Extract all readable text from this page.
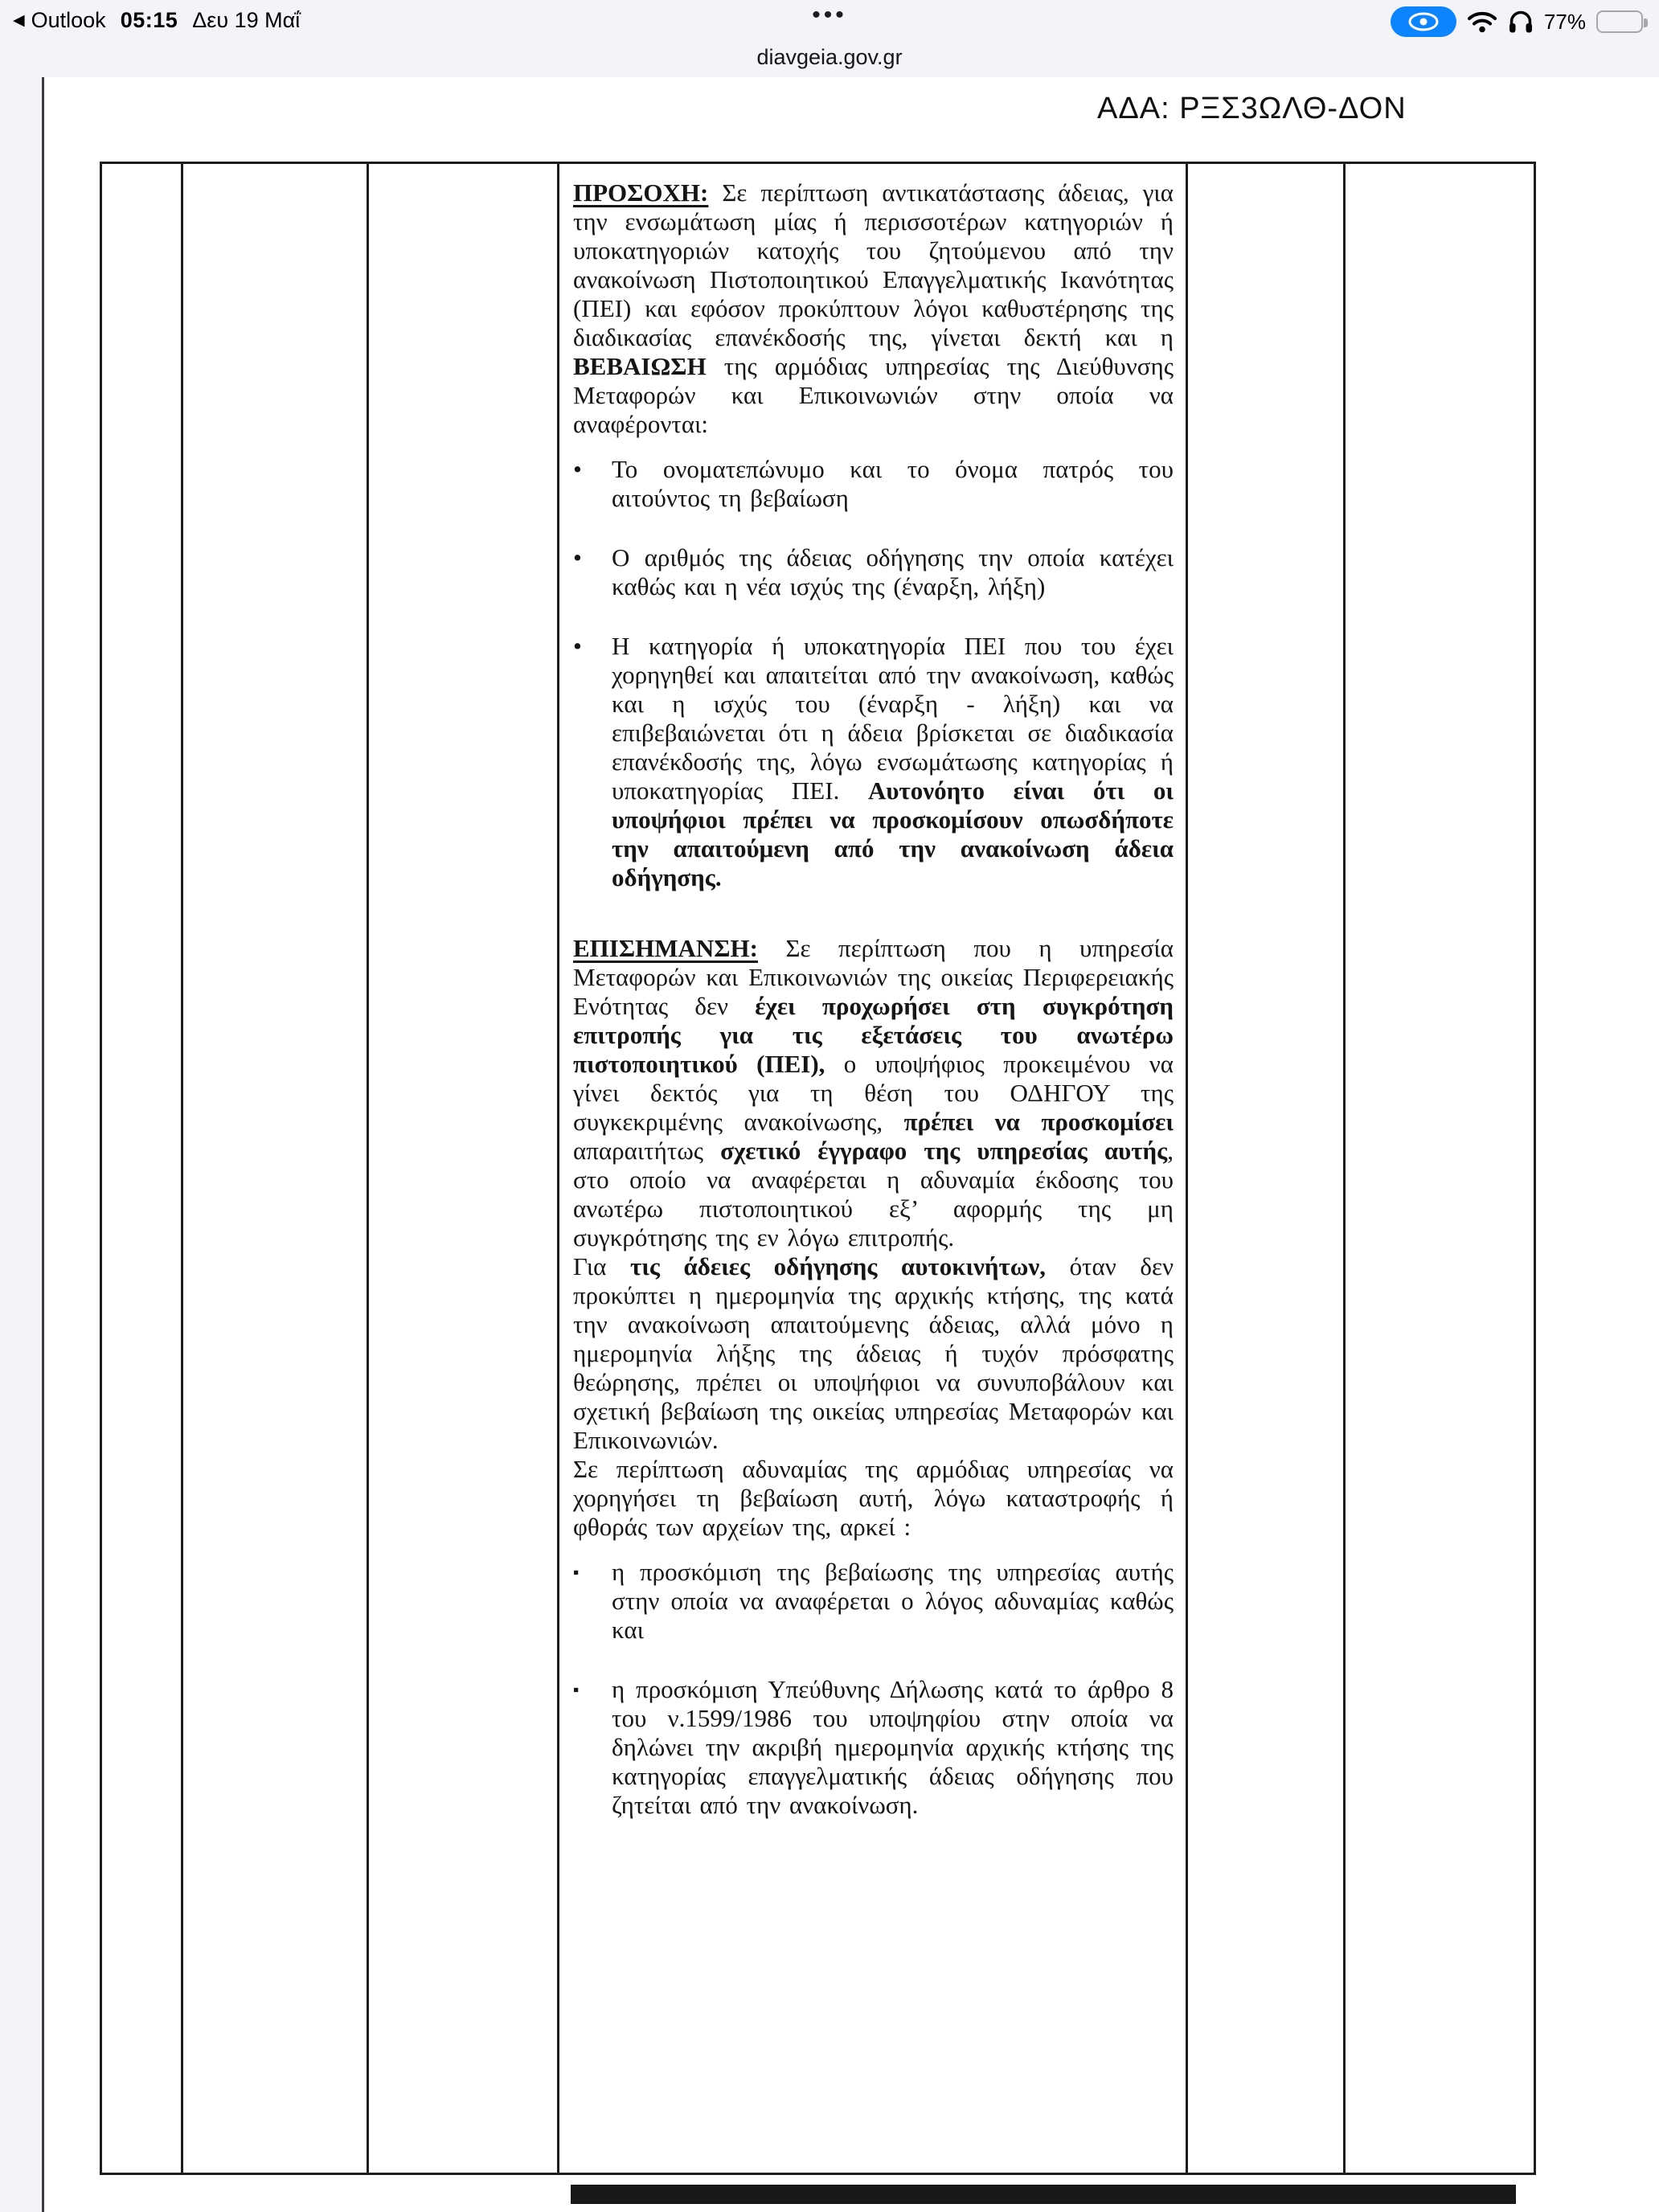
◀ Outlook 05:15 Δευ 19 Μαΐ	•••	77%
diavgeia.gov.gr
ΑΔΑ: ΡΞΣ3ΩΛΘ-ΔΟΝ
ΠΡΟΣΟΧΗ: Σε περίπτωση αντικατάστασης άδειας, για την ενσωμάτωση μίας ή περισσοτέρων κατηγοριών ή υποκατηγοριών κατοχής του ζητούμενου από την ανακοίνωση Πιστοποιητικού Επαγγελματικής Ικανότητας (ΠΕΙ) και εφόσον προκύπτουν λόγοι καθυστέρησης της διαδικασίας επανέκδοσής της, γίνεται δεκτή και η ΒΕΒΑΙΩΣΗ της αρμόδιας υπηρεσίας της Διεύθυνσης Μεταφορών και Επικοινωνιών στην οποία να αναφέρονται:
•	Το ονοματεπώνυμο και το όνομα πατρός του αιτούντος τη βεβαίωση
•	Ο αριθμός της άδειας οδήγησης την οποία κατέχει καθώς και η νέα ισχύς της (έναρξη, λήξη)
•	Η κατηγορία ή υποκατηγορία ΠΕΙ που του έχει χορηγηθεί και απαιτείται από την ανακοίνωση, καθώς και η ισχύς του (έναρξη - λήξη) και να επιβεβαιώνεται ότι η άδεια βρίσκεται σε διαδικασία επανέκδοσής της, λόγω ενσωμάτωσης κατηγορίας ή υποκατηγορίας ΠΕΙ. Αυτονόητο είναι ότι οι υποψήφιοι πρέπει να προσκομίσουν οπωσδήποτε την απαιτούμενη από την ανακοίνωση άδεια οδήγησης.
ΕΠΙΣΗΜΑΝΣΗ: Σε περίπτωση που η υπηρεσία Μεταφορών και Επικοινωνιών της οικείας Περιφερειακής Ενότητας δεν έχει προχωρήσει στη συγκρότηση επιτροπής για τις εξετάσεις του ανωτέρω πιστοποιητικού (ΠΕΙ), ο υποψήφιος προκειμένου να γίνει δεκτός για τη θέση του ΟΔΗΓΟΥ της συγκεκριμένης ανακοίνωσης, πρέπει να προσκομίσει απαραιτήτως σχετικό έγγραφο της υπηρεσίας αυτής, στο οποίο να αναφέρεται η αδυναμία έκδοσης του ανωτέρω πιστοποιητικού εξ’ αφορμής της μη συγκρότησης της εν λόγω επιτροπής.
Για τις άδειες οδήγησης αυτοκινήτων, όταν δεν προκύπτει η ημερομηνία της αρχικής κτήσης, της κατά την ανακοίνωση απαιτούμενης άδειας, αλλά μόνο η ημερομηνία λήξης της άδειας ή τυχόν πρόσφατης θεώρησης, πρέπει οι υποψήφιοι να συνυποβάλουν και σχετική βεβαίωση της οικείας υπηρεσίας Μεταφορών και Επικοινωνιών.
Σε περίπτωση αδυναμίας της αρμόδιας υπηρεσίας να χορηγήσει τη βεβαίωση αυτή, λόγω καταστροφής ή φθοράς των αρχείων της, αρκεί :
▪	η προσκόμιση της βεβαίωσης της υπηρεσίας αυτής στην οποία να αναφέρεται ο λόγος αδυναμίας καθώς και
▪	η προσκόμιση Υπεύθυνης Δήλωσης κατά το άρθρο 8 του ν.1599/1986 του υποψηφίου στην οποία να δηλώνει την ακριβή ημερομηνία αρχικής κτήσης της κατηγορίας επαγγελματικής άδειας οδήγησης που ζητείται από την ανακοίνωση.
